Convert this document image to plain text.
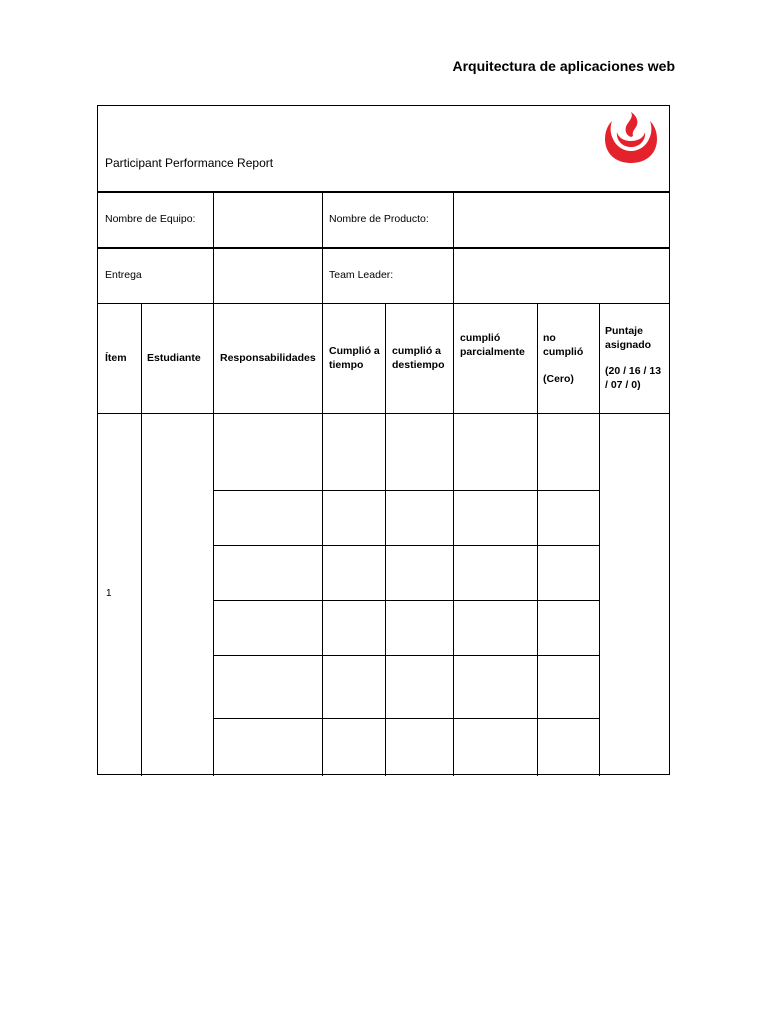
Arquitectura de aplicaciones web
Participant Performance Report
Nombre de Equipo:	Nombre de Producto:
Entrega	Team Leader:
Ítem Estudiante Responsabilidades
Cumplió a
tiempo
cumplió a
destiempo
cumplió
parcialmente
no
cumplió
(Cero)
Puntaje
asignado
(20 / 16 / 13
/ 07 / 0)
1
